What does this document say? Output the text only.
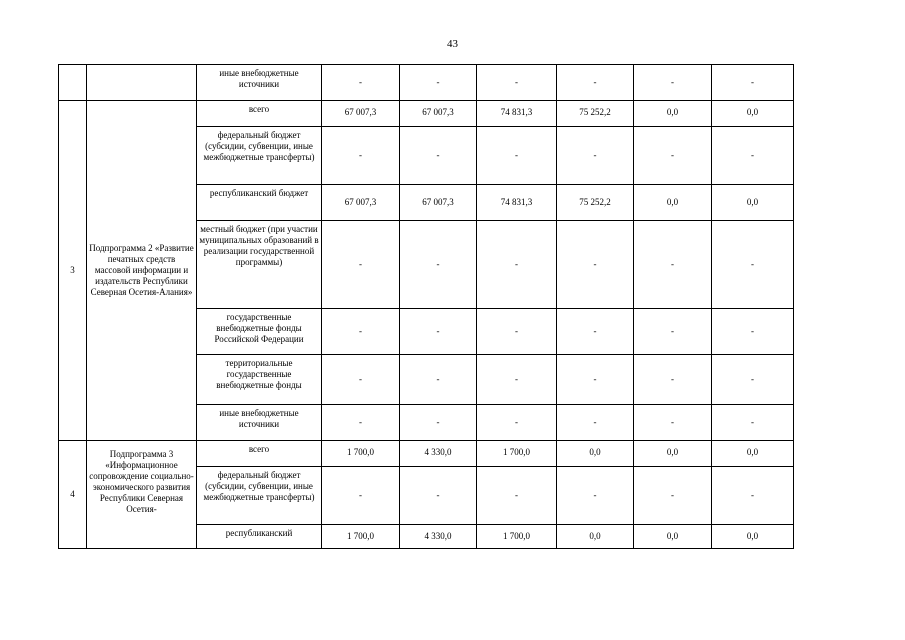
43
		иные внебюджетные источники	-	-	-	-	-	-
3	Подпрограмма 2 «Развитие печатных средств массовой информации и издательств Республики Северная Осетия-Алания»	всего	67 007,3	67 007,3	74 831,3	75 252,2	0,0	0,0
		федеральный бюджет (субсидии, субвенции, иные межбюджетные трансферты)	-	-	-	-	-	-
		республиканский бюджет	67 007,3	67 007,3	74 831,3	75 252,2	0,0	0,0
		местный бюджет (при участии муниципальных образований в реализации государственной программы)	-	-	-	-	-	-
		государственные внебюджетные фонды Российской Федерации	-	-	-	-	-	-
		территориальные государственные внебюджетные фонды	-	-	-	-	-	-
		иные внебюджетные источники	-	-	-	-	-	-
4	Подпрограмма 3 «Информационное сопровождение социально-экономического развития Республики Северная Осетия-	всего	1 700,0	4 330,0	1 700,0	0,0	0,0	0,0
		федеральный бюджет (субсидии, субвенции, иные межбюджетные трансферты)	-	-	-	-	-	-
		республиканский	1 700,0	4 330,0	1 700,0	0,0	0,0	0,0
